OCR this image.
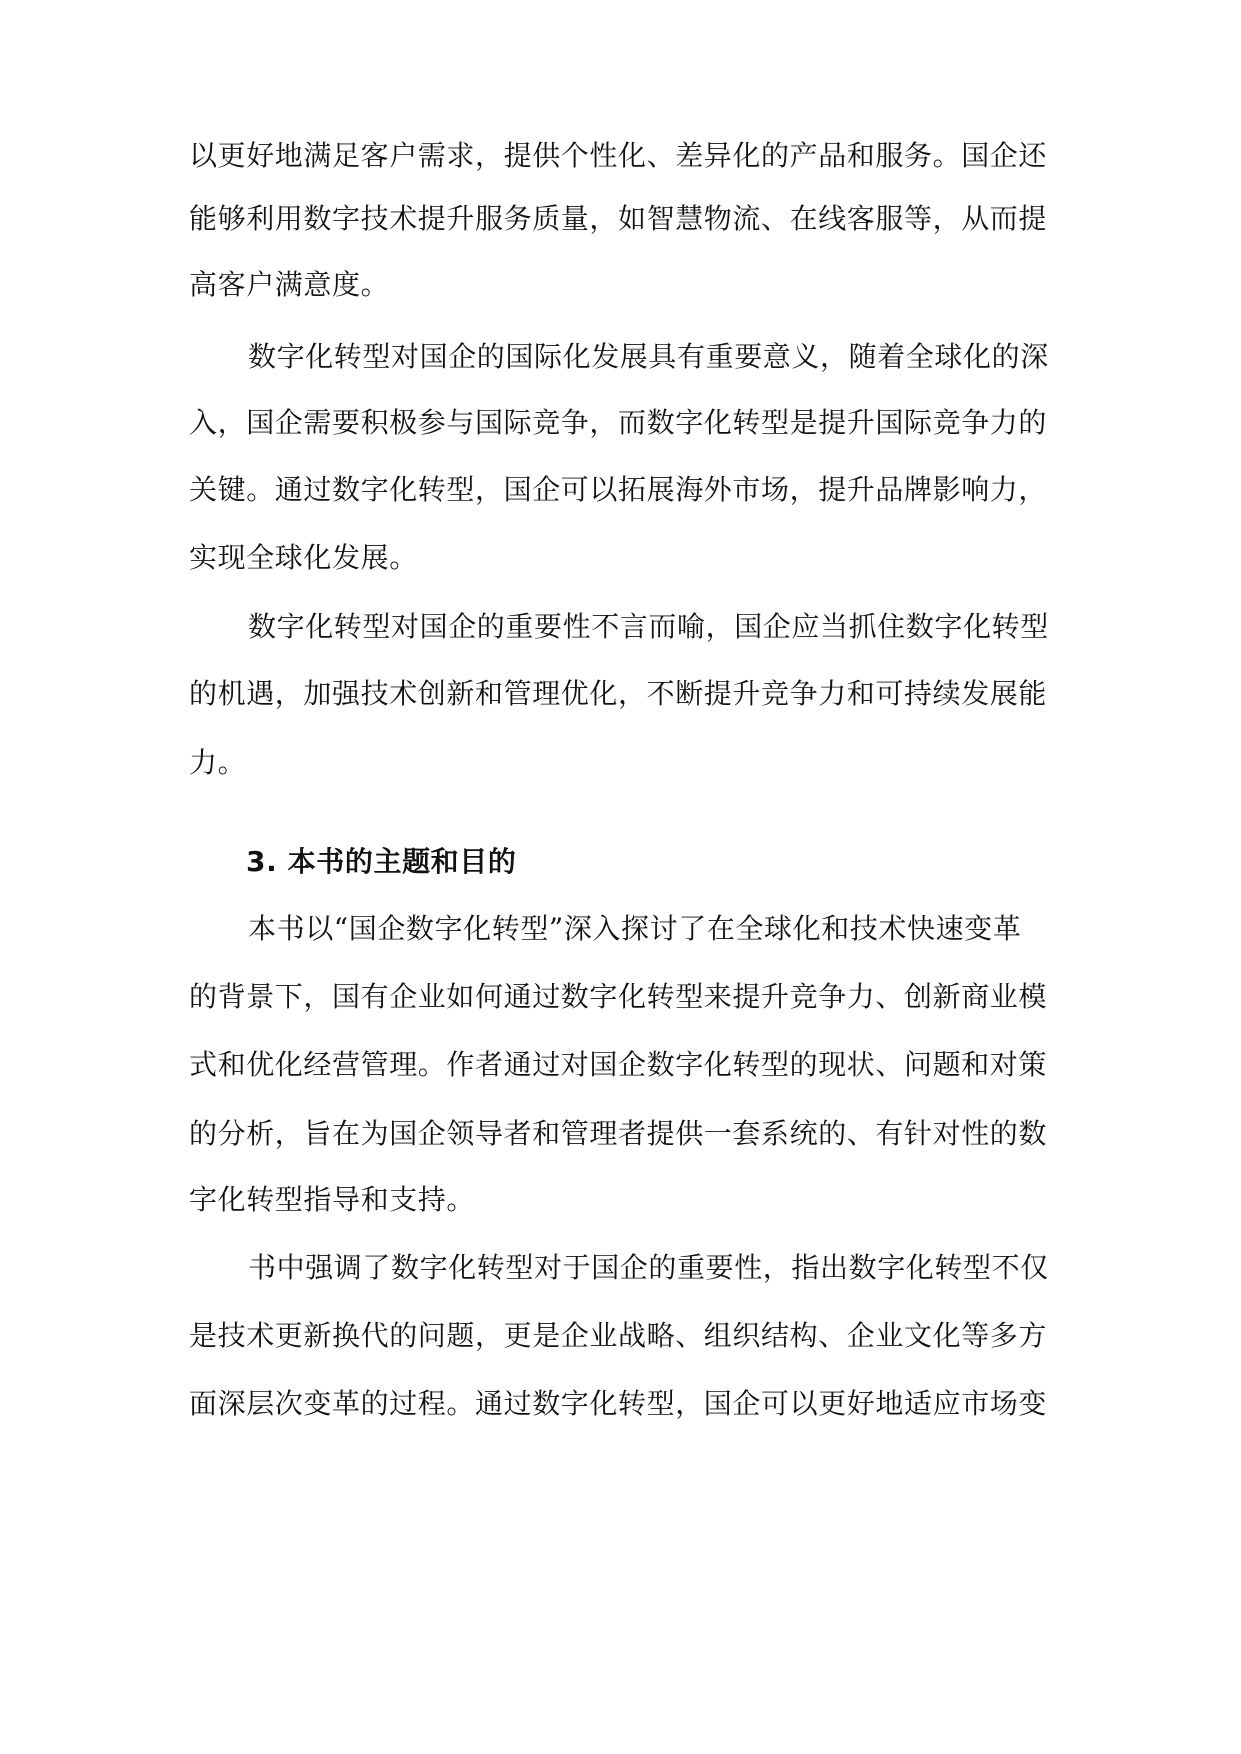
以更好地满足客户需求，提供个性化、差异化的产品和服务。国企还
能够利用数字技术提升服务质量，如智慧物流、在线客服等，从而提
高客户满意度。
数字化转型对国企的国际化发展具有重要意义，随着全球化的深
入，国企需要积极参与国际竞争，而数字化转型是提升国际竞争力的
关键。通过数字化转型，国企可以拓展海外市场，提升品牌影响力，
实现全球化发展。
数字化转型对国企的重要性不言而喻，国企应当抓住数字化转型
的机遇，加强技术创新和管理优化，不断提升竞争力和可持续发展能
力。
3. 本书的主题和目的
本书以“国企数字化转型”深入探讨了在全球化和技术快速变革
的背景下，国有企业如何通过数字化转型来提升竞争力、创新商业模
式和优化经营管理。作者通过对国企数字化转型的现状、问题和对策
的分析，旨在为国企领导者和管理者提供一套系统的、有针对性的数
字化转型指导和支持。
书中强调了数字化转型对于国企的重要性，指出数字化转型不仅
是技术更新换代的问题，更是企业战略、组织结构、企业文化等多方
面深层次变革的过程。通过数字化转型，国企可以更好地适应市场变
